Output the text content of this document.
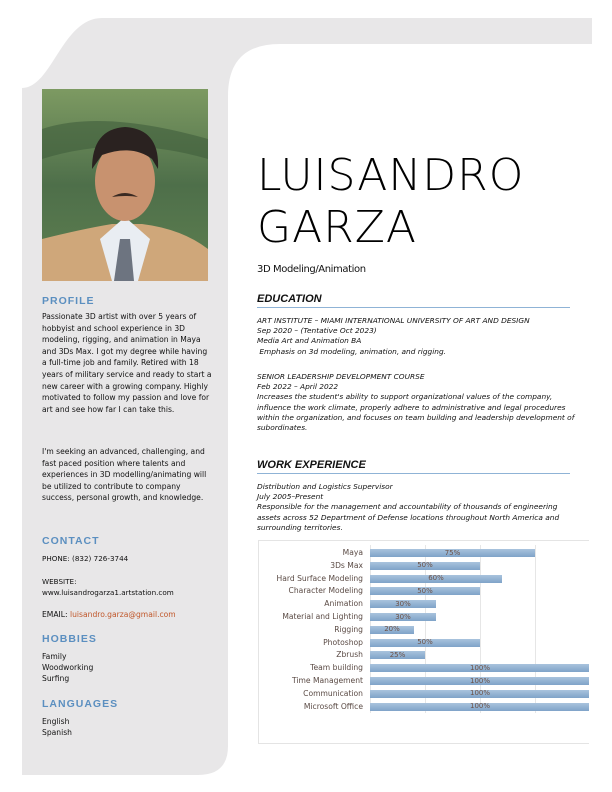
PROFILE
Passionate 3D artist with over 5 years of hobbyist and school experience in 3D modeling, rigging, and animation in Maya and 3Ds Max. I got my degree while having a full-time job and family. Retired with 18 years of military service and ready to start a new career with a growing company. Highly motivated to follow my passion and love for art and see how far I can take this.
I'm seeking an advanced, challenging, and fast paced position where talents and experiences in 3D modelling/animating will be utilized to contribute to company success, personal growth, and knowledge.
CONTACT
PHONE: (832) 726-3744
WEBSITE:
www.luisandrogarza1.artstation.com
EMAIL: luisandro.garza@gmail.com
HOBBIES
Family
Woodworking
Surfing
LANGUAGES
English
Spanish
LUISANDRO
GARZA
3D Modeling/Animation
EDUCATION
ART INSTITUTE – MIAMI INTERNATIONAL UNIVERSITY OF ART AND DESIGN
Sep 2020 – (Tentative Oct 2023)
Media Art and Animation BA
Emphasis on 3d modeling, animation, and rigging.
SENIOR LEADERSHIP DEVELOPMENT COURSE
Feb 2022 – April 2022
Increases the student's ability to support organizational values of the company, influence the work climate, properly adhere to administrative and legal procedures within the organization, and focuses on team building and leadership development of subordinates.
WORK EXPERIENCE
Distribution and Logistics Supervisor
July 2005–Present
Responsible for the management and accountability of thousands of engineering assets across 52 Department of Defense locations throughout North America and surrounding territories.
Maya	75%
3Ds Max	50%
Hard Surface Modeling	60%
Character Modeling	50%
Animation	30%
Material and Lighting	30%
Rigging	20%
Photoshop	50%
Zbrush	25%
Team building	100%
Time Management	100%
Communication	100%
Microsoft Office	100%
